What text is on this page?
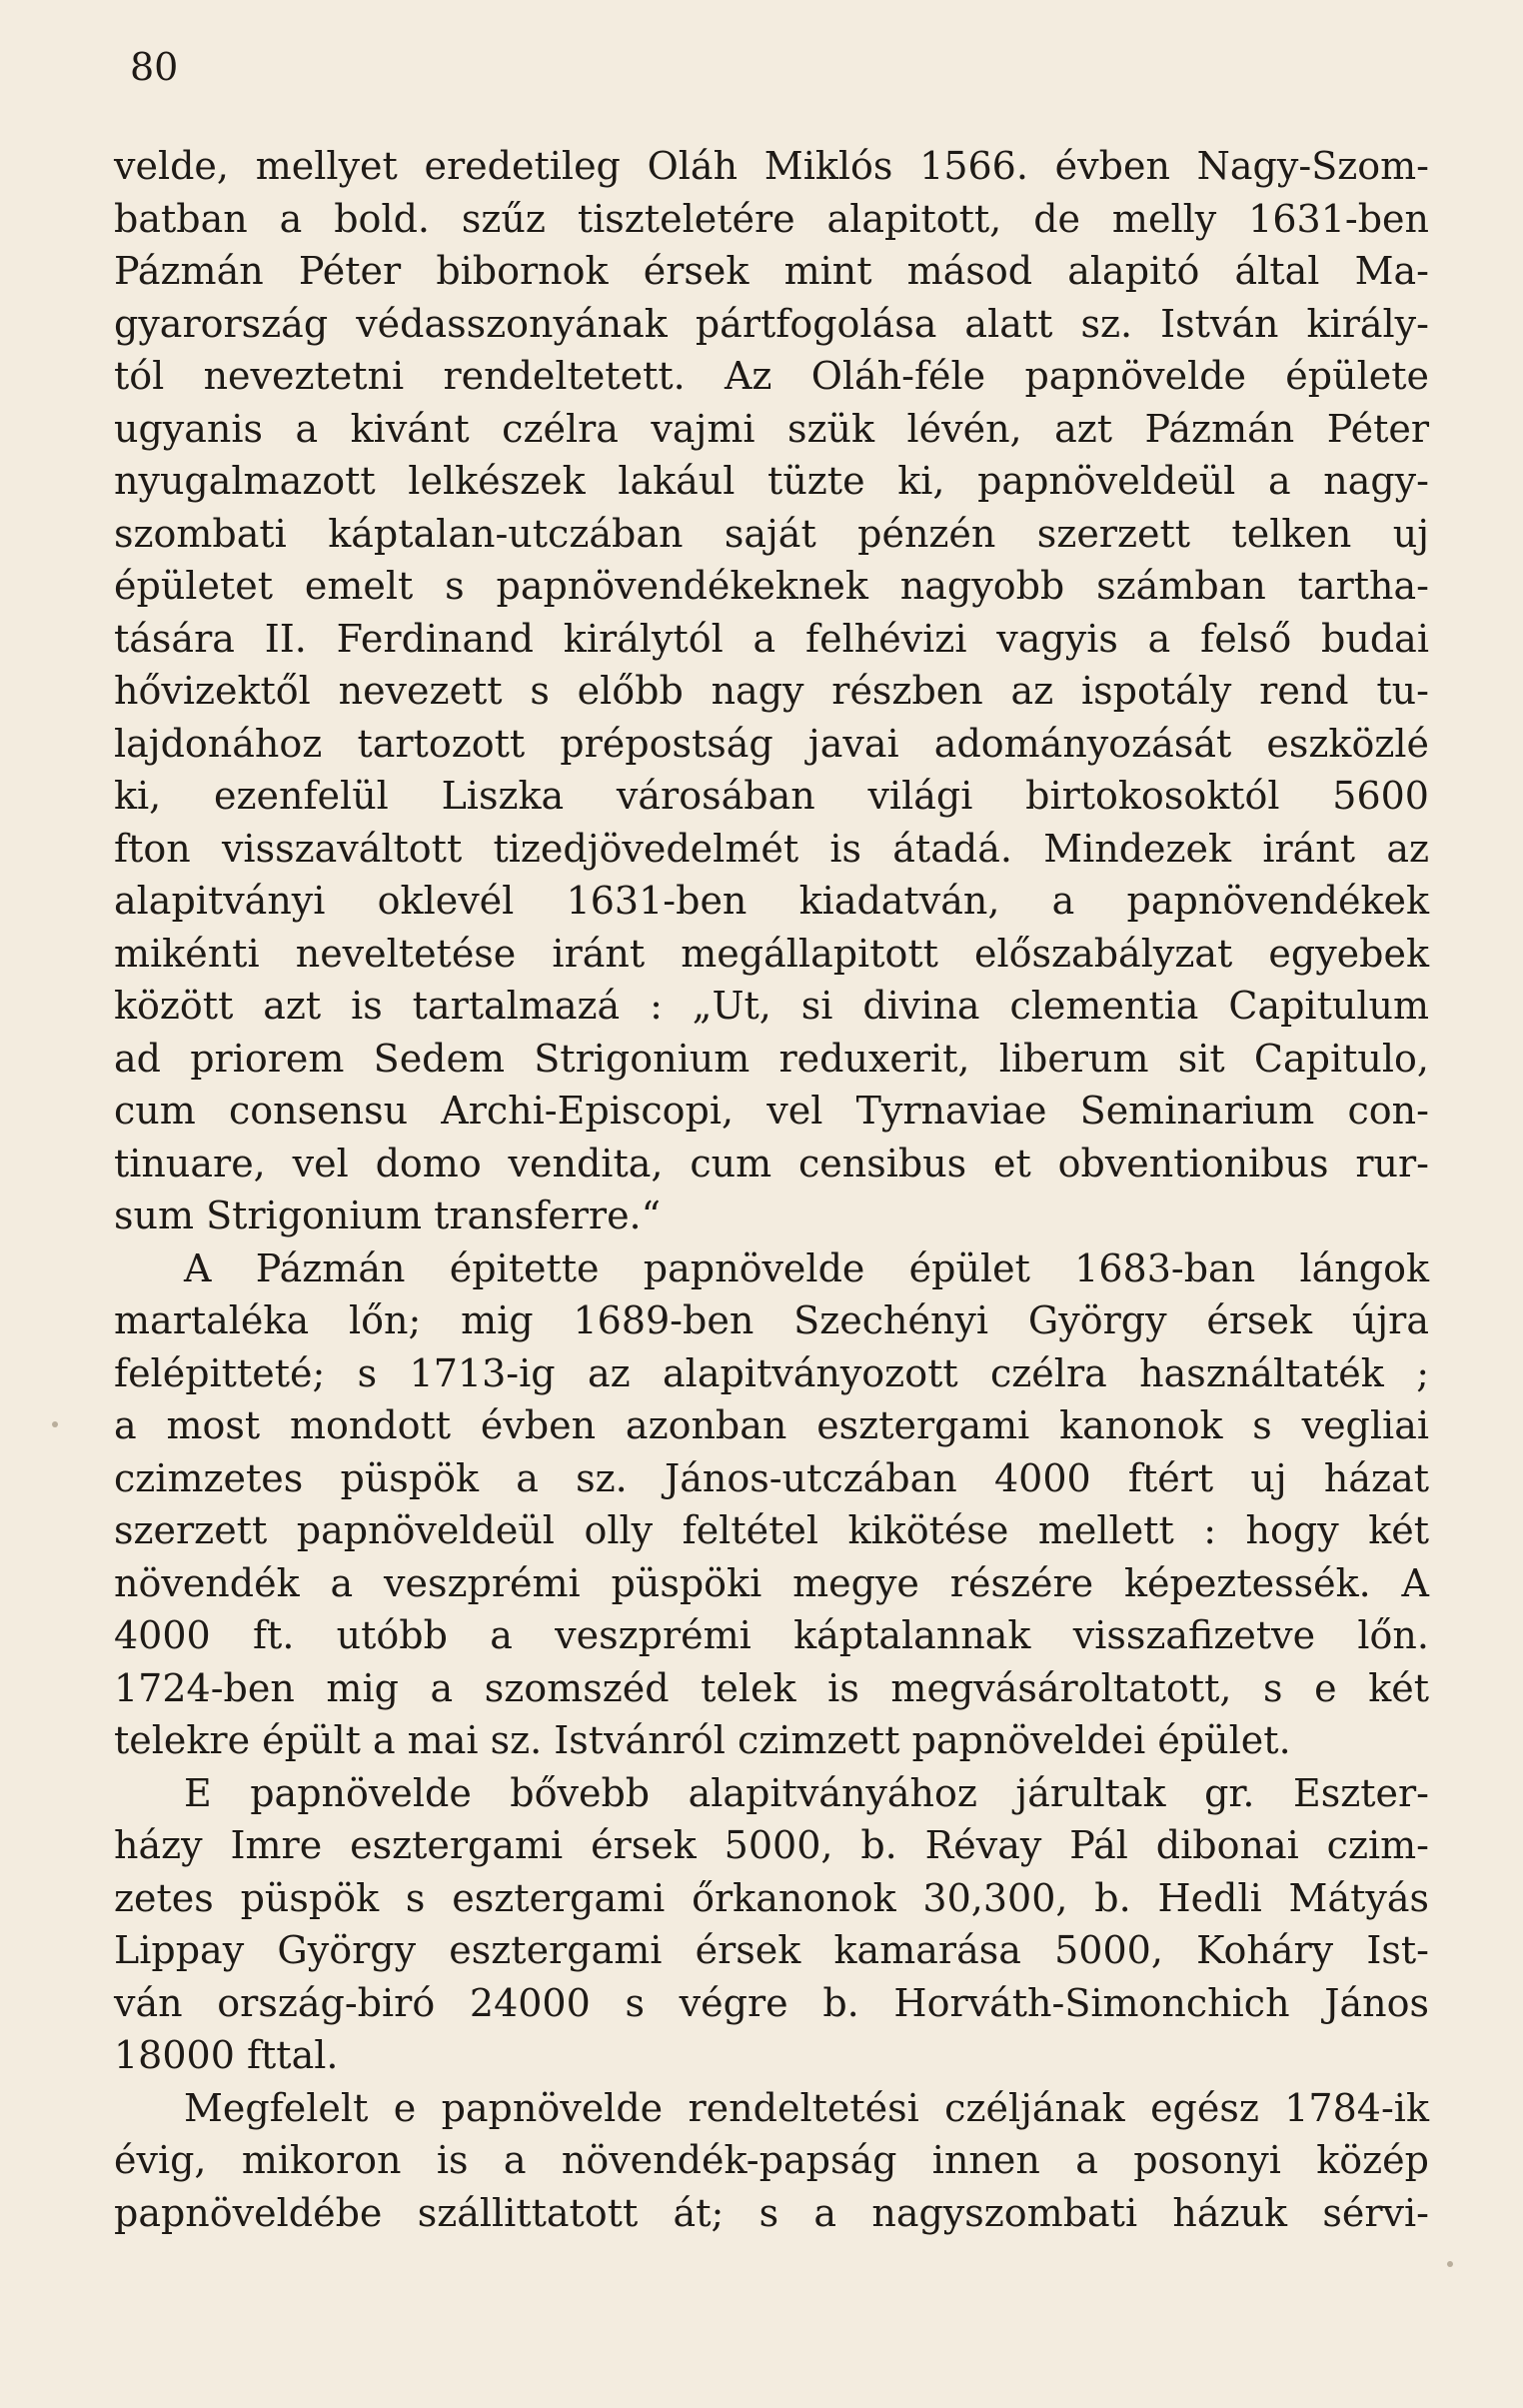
80
velde, mellyet eredetileg Oláh Miklós 1566. évben Nagy-Szom-
batban a bold. szűz tiszteletére alapitott, de melly 1631-ben
Pázmán Péter bibornok érsek mint másod alapitó által Ma-
gyarország védasszonyának pártfogolása alatt sz. István király-
tól neveztetni rendeltetett. Az Oláh-féle papnövelde épülete
ugyanis a kivánt czélra vajmi szük lévén, azt Pázmán Péter
nyugalmazott lelkészek lakául tüzte ki, papnöveldeül a nagy-
szombati káptalan-utczában saját pénzén szerzett telken uj
épületet emelt s papnövendékeknek nagyobb számban tartha-
tására II. Ferdinand királytól a felhévizi vagyis a felső budai
hővizektől nevezett s előbb nagy részben az ispotály rend tu-
lajdonához tartozott prépostság javai adományozását eszközlé
ki, ezenfelül Liszka városában világi birtokosoktól 5600
fton visszaváltott tizedjövedelmét is átadá. Mindezek iránt az
alapitványi oklevél 1631-ben kiadatván, a papnövendékek
mikénti neveltetése iránt megállapitott előszabályzat egyebek
között azt is tartalmazá : „Ut, si divina clementia Capitulum
ad priorem Sedem Strigonium reduxerit, liberum sit Capitulo,
cum consensu Archi-Episcopi, vel Tyrnaviae Seminarium con-
tinuare, vel domo vendita, cum censibus et obventionibus rur-
sum Strigonium transferre.“
A Pázmán épitette papnövelde épület 1683-ban lángok
martaléka lőn; mig 1689-ben Szechényi György érsek újra
felépitteté; s 1713-ig az alapitványozott czélra használtaték ;
a most mondott évben azonban esztergami kanonok s vegliai
czimzetes püspök a sz. János-utczában 4000 ftért uj házat
szerzett papnöveldeül olly feltétel kikötése mellett : hogy két
növendék a veszprémi püspöki megye részére képeztessék. A
4000 ft. utóbb a veszprémi káptalannak visszafizetve lőn.
1724-ben mig a szomszéd telek is megvásároltatott, s e két
telekre épült a mai sz. Istvánról czimzett papnöveldei épület.
E papnövelde bővebb alapitványához járultak gr. Eszter-
házy Imre esztergami érsek 5000, b. Révay Pál dibonai czim-
zetes püspök s esztergami őrkanonok 30,300, b. Hedli Mátyás
Lippay György esztergami érsek kamarása 5000, Koháry Ist-
ván ország-biró 24000 s végre b. Horváth-Simonchich János
18000 fttal.
Megfelelt e papnövelde rendeltetési czéljának egész 1784-ik
évig, mikoron is a növendék-papság innen a posonyi közép
papnöveldébe szállittatott át; s a nagyszombati házuk sérvi-
